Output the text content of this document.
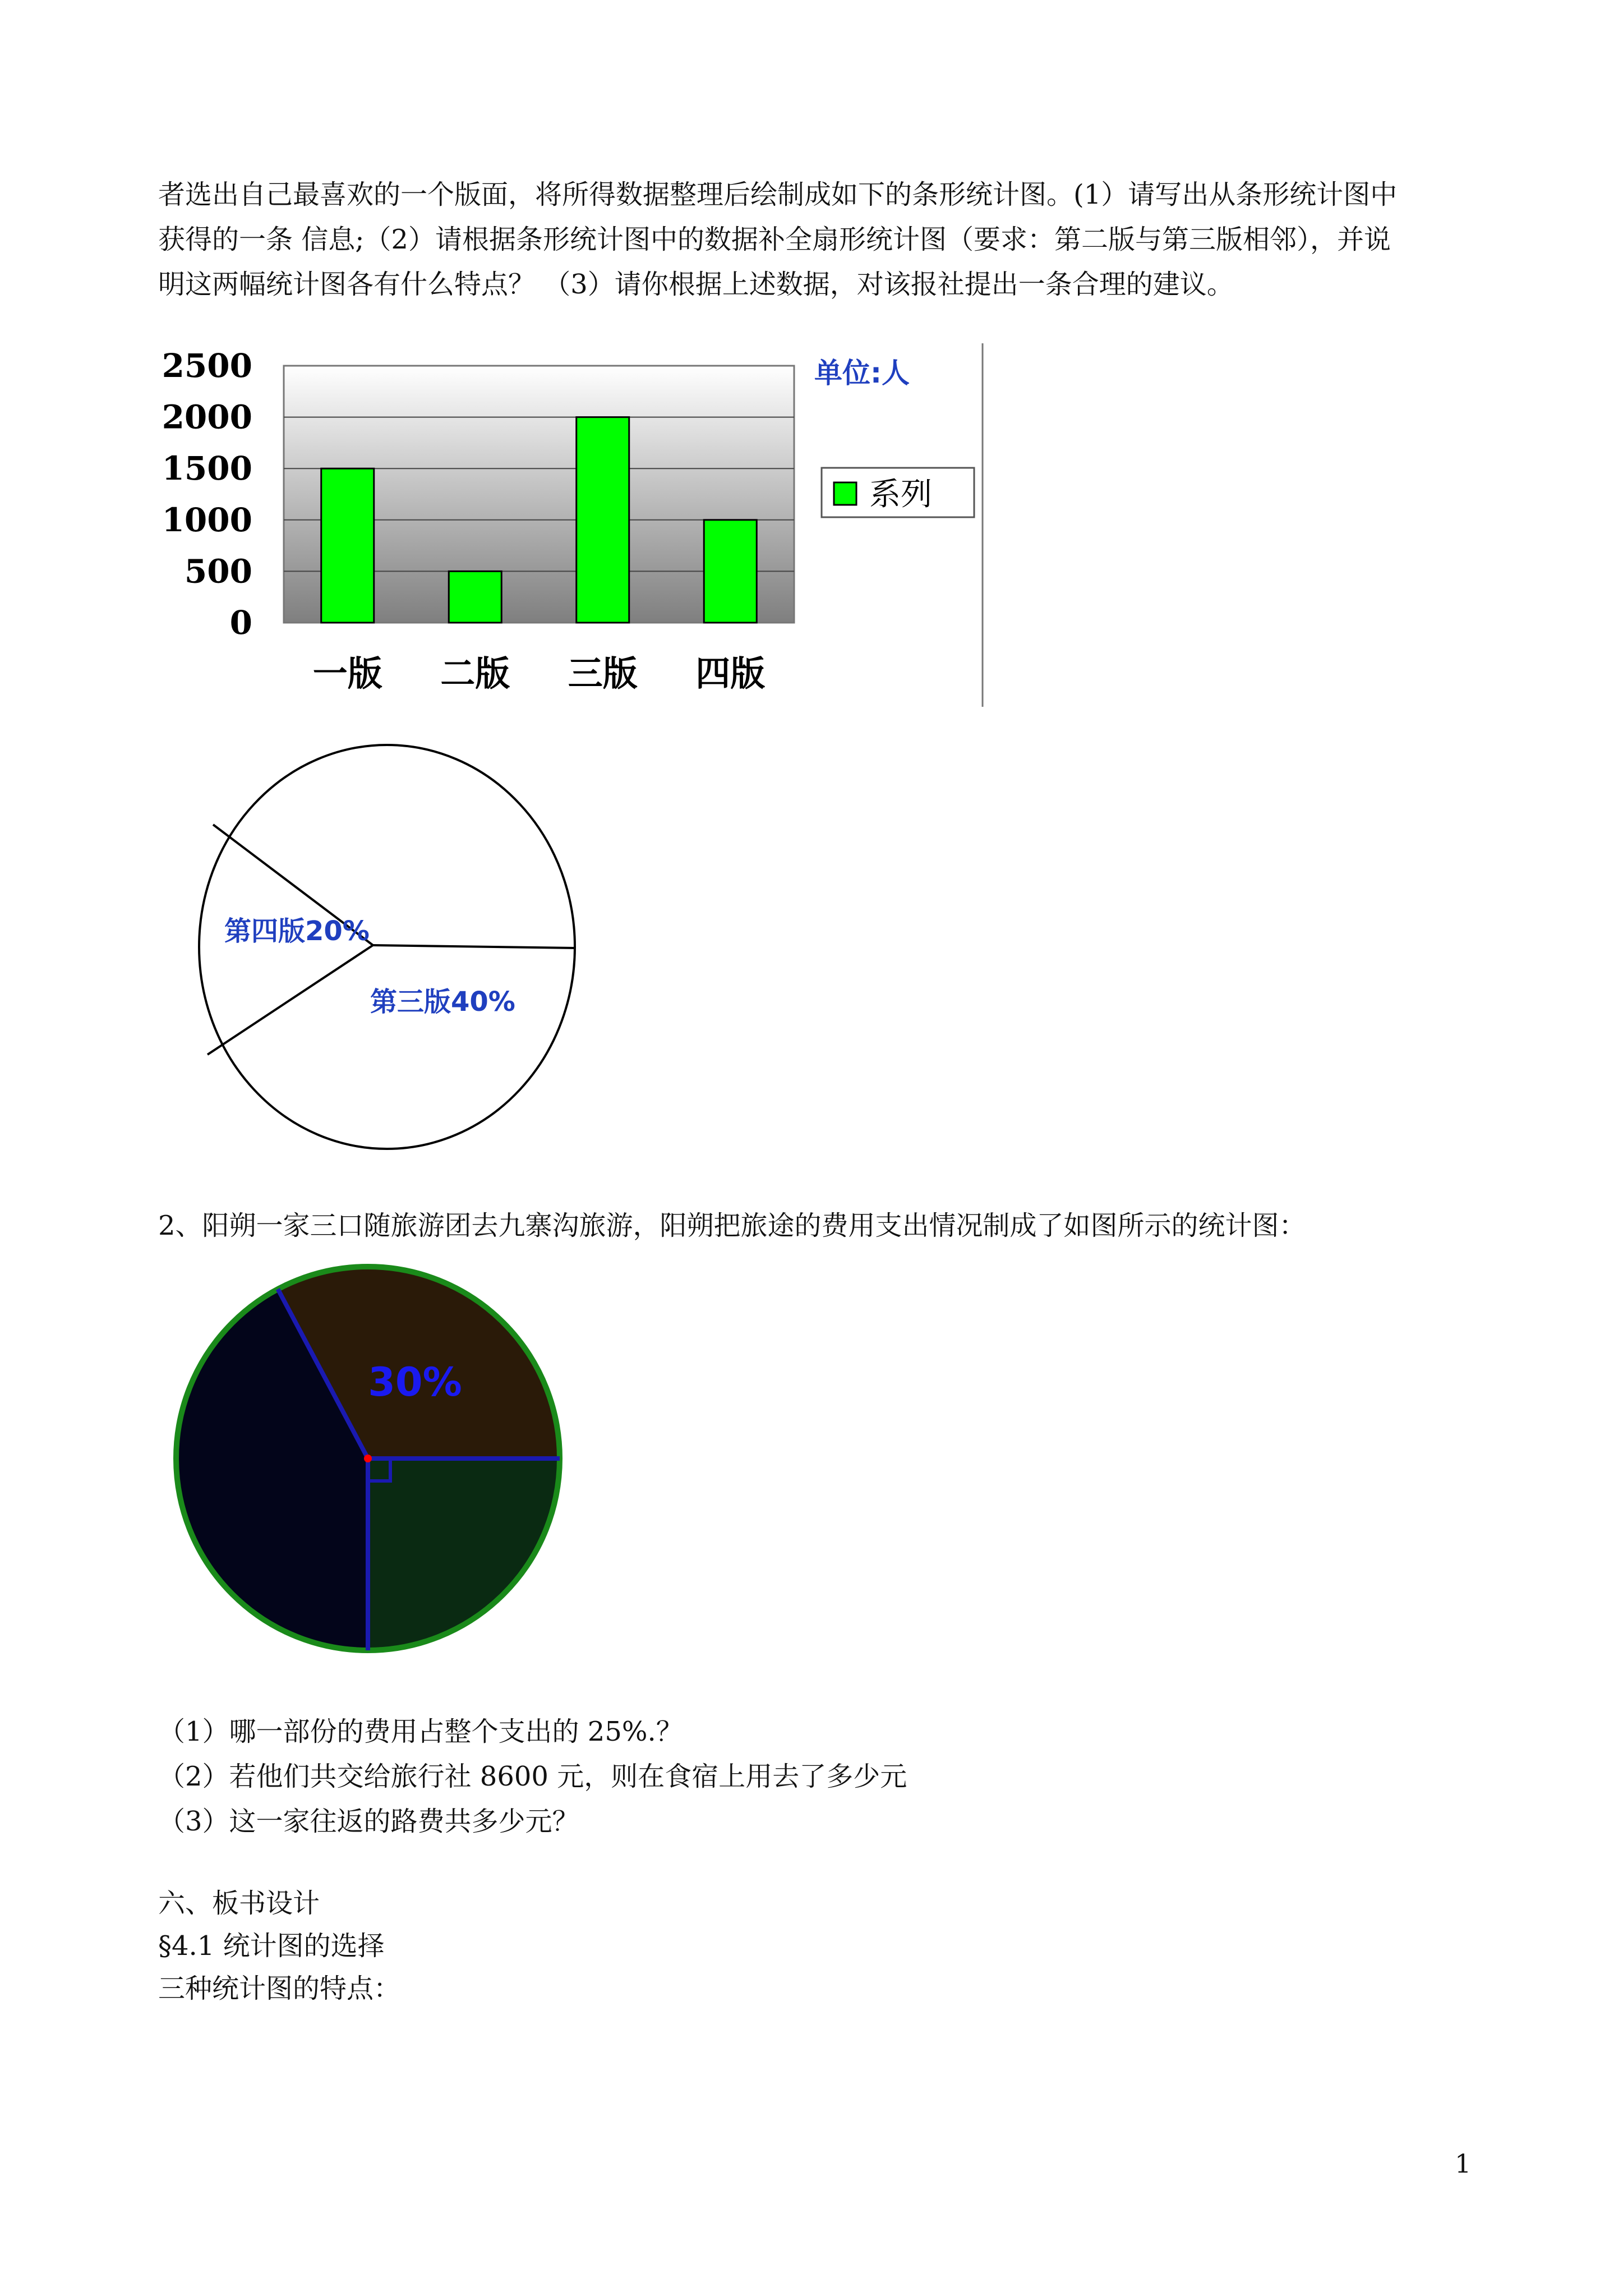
者选出自己最喜欢的一个版面，将所得数据整理后绘制成如下的条形统计图。(1）请写出从条形统计图中
获得的一条 信息;（2）请根据条形统计图中的数据补全扇形统计图（要求：第二版与第三版相邻），并说
明这两幅统计图各有什么特点？ （3）请你根据上述数据，对该报社提出一条合理的建议。
2500
2000
1500
1000
500
0
一版 二版 三版 四版
单位:人
系列
第四版20%
第三版40%
2、阳朔一家三口随旅游团去九寨沟旅游，阳朔把旅途的费用支出情况制成了如图所示的统计图：
30%
（1）哪一部份的费用占整个支出的 25%.？
（2）若他们共交给旅行社 8600 元，则在食宿上用去了多少元
（3）这一家往返的路费共多少元？
六、板书设计
§4.1 统计图的选择
三种统计图的特点：
1
